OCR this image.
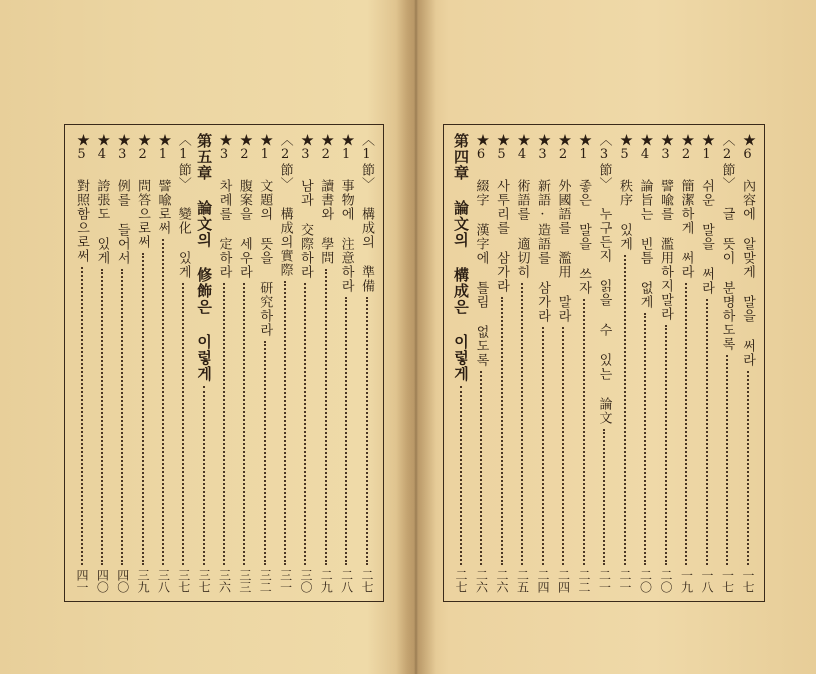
〈1節〉 構成의 準備
二七
★1 事物에 注意하라
二八
★2 讀書와 學問
二九
★3 남과 交際하라
三〇
〈2節〉 構成의實際
三一
★1 文題의 뜻을 研究하라
三二
★2 腹案을 세우라
三三
★3 차례를 定하라
三六
第五章 論文의 修飾은 이렇게
三七
〈1節〉 變化 있게
三七
★1 譬喩로써
三八
★2 問答으로써
三九
★3 例를 들어서
四〇
★4 誇張도 있게
四〇
★5 對照함으로써
四一
★6 內容에 알맞게 말을 써라
一七
〈2節〉 글 뜻이 분명하도록
一七
★1 쉬운 말을 써라
一八
★2 簡潔하게 써라
一九
★3 譬喩를 濫用하지말라
二〇
★4 論旨는 빈틈 없게
二〇
★5 秩序 있게
二一
〈3節〉 누구든지 읽을 수 있는 論文
二一
★1 좋은 말을 쓰자
二二
★2 外國語를 濫用 말라
二四
★3 新語·造語를 삼가라
二四
★4 術語를 適切히
二五
★5 사투리를 삼가라
二六
★6 綴字 漢字에 틀림 없도록
二六
第四章 論文의 構成은 이렇게
二七
